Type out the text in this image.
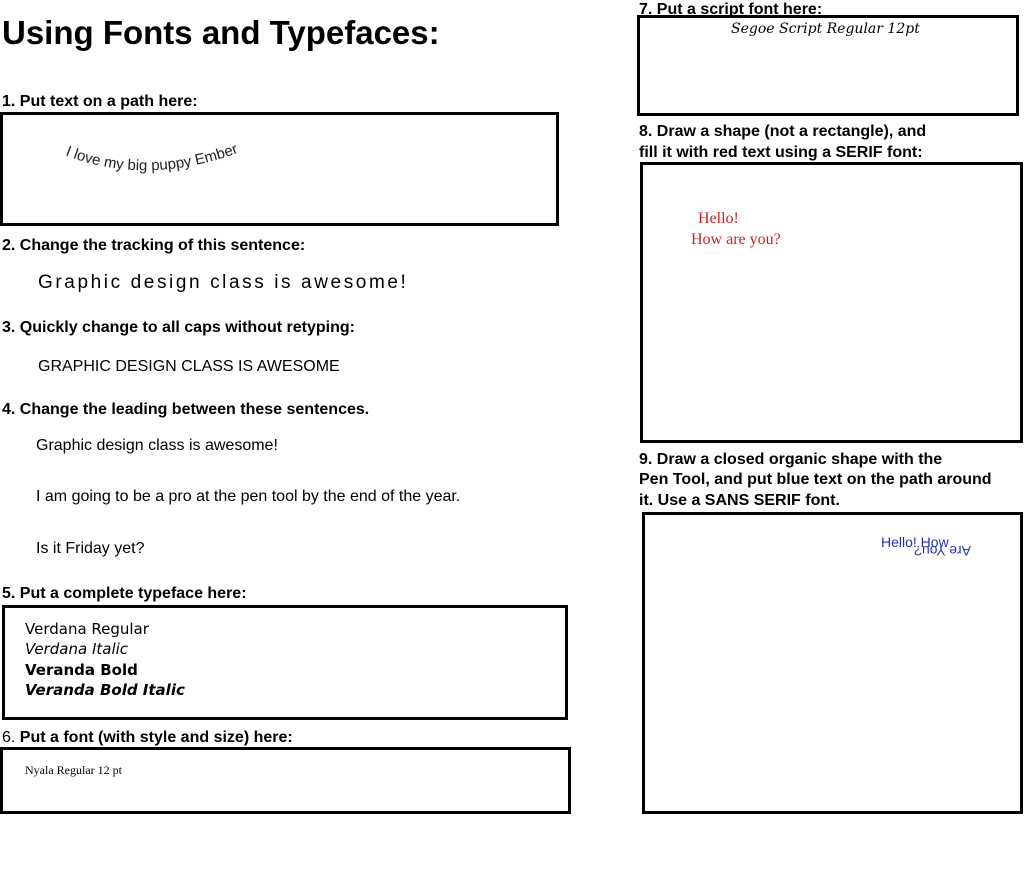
Using Fonts and Typefaces:
1. Put text on a path here:
I love my big puppy Ember
2. Change the tracking of this sentence:
Graphic design class is awesome!
3. Quickly change to all caps without retyping:
GRAPHIC DESIGN CLASS IS AWESOME
4. Change the leading between these sentences.
Graphic design class is awesome!
I am going to be a pro at the pen tool by the end of the year.
Is it Friday yet?
5. Put a complete typeface here:
Verdana Regular
Verdana Italic
Veranda Bold
Veranda Bold Italic
6. Put a font (with style and size) here:
Nyala Regular 12 pt
7. Put a script font here:
Segoe Script Regular 12pt
8. Draw a shape (not a rectangle), and
fill it with red text using a SERIF font:
Hello!
How are you?
9. Draw a closed organic shape with the
Pen Tool, and put blue text on the path around
it. Use a SANS SERIF font.
Hello! How
Are You?
